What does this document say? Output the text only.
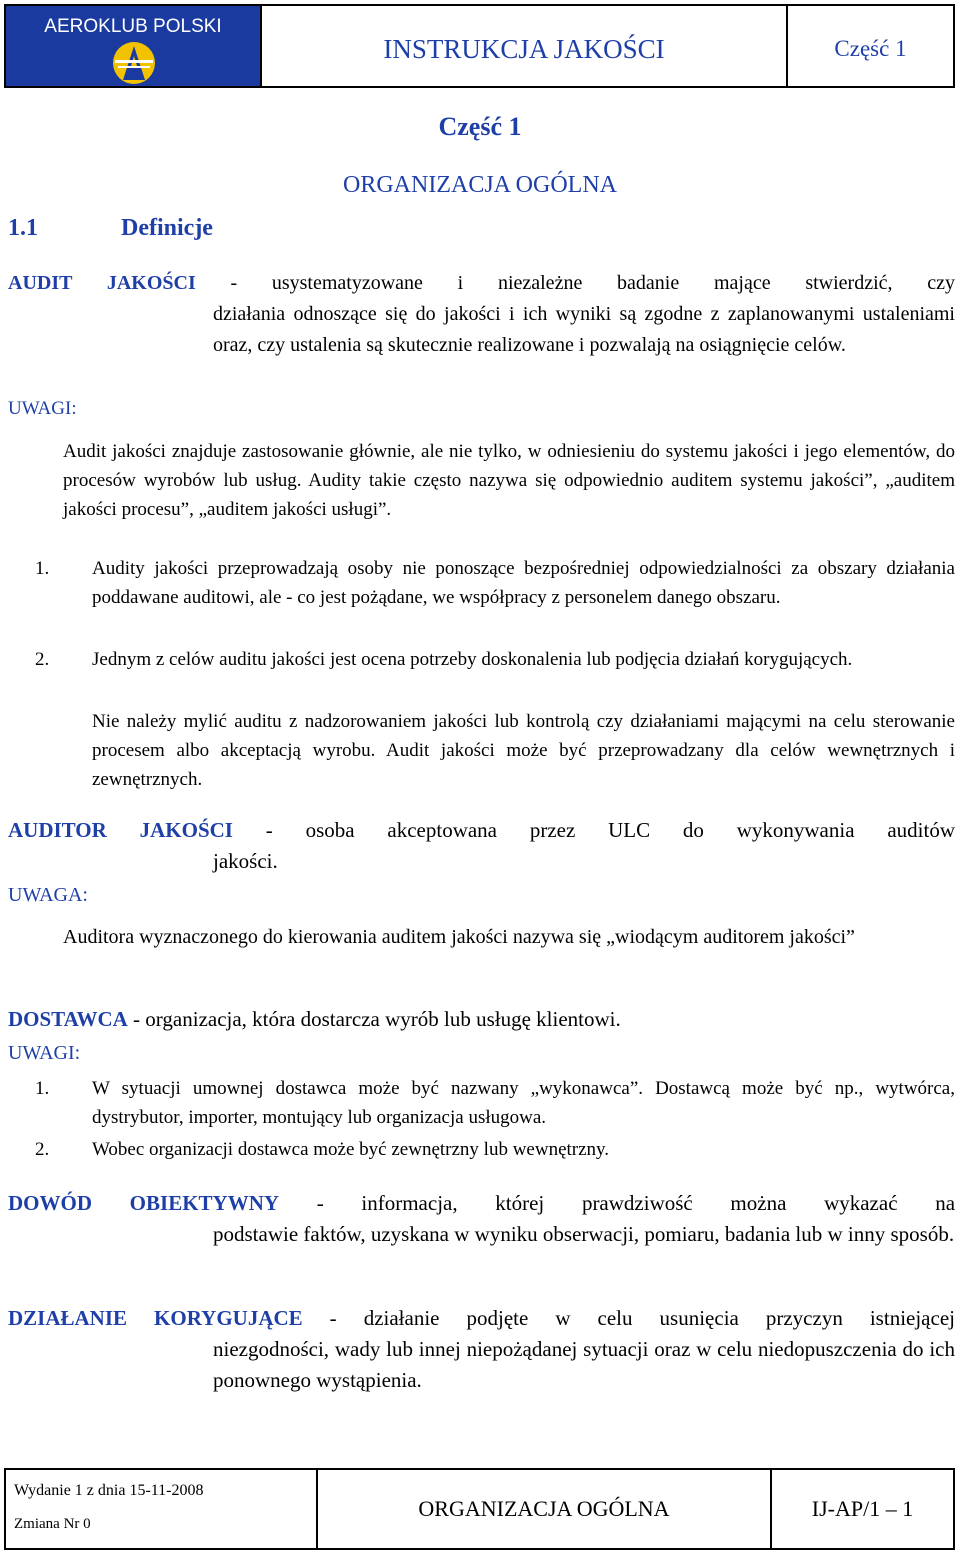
AEROKLUB POLSKI
INSTRUKCJA JAKOŚCI	Część 1
Część 1
ORGANIZACJA OGÓLNA
1.1	Definicje
AUDIT JAKOŚCI - usystematyzowane i niezależne badanie mające stwierdzić, czy
działania odnoszące się do jakości i ich wyniki są zgodne z zaplanowanymi ustaleniami oraz, czy ustalenia są skutecznie realizowane i pozwalają na osiągnięcie celów.
UWAGI:
Audit jakości znajduje zastosowanie głównie, ale nie tylko, w odniesieniu do systemu jakości i jego elementów, do procesów wyrobów lub usług. Audity takie często nazywa się odpowiednio auditem systemu jakości”, „auditem jakości procesu”, „auditem jakości usługi”.
1. Audity jakości przeprowadzają osoby nie ponoszące bezpośredniej odpowiedzialności za obszary działania poddawane auditowi, ale - co jest pożądane, we współpracy z personelem danego obszaru.
2. Jednym z celów auditu jakości jest ocena potrzeby doskonalenia lub podjęcia działań korygujących.
Nie należy mylić auditu z nadzorowaniem jakości lub kontrolą czy działaniami mającymi na celu sterowanie procesem albo akceptacją wyrobu. Audit jakości może być przeprowadzany dla celów wewnętrznych i zewnętrznych.
AUDITOR JAKOŚCI - osoba akceptowana przez ULC do wykonywania auditów
jakości.
UWAGA:
Auditora wyznaczonego do kierowania auditem jakości nazywa się „wiodącym auditorem jakości”
DOSTAWCA - organizacja, która dostarcza wyrób lub usługę klientowi.
UWAGI:
1. W sytuacji umownej dostawca może być nazwany „wykonawca”. Dostawcą może być np., wytwórca, dystrybutor, importer, montujący lub organizacja usługowa.
2. Wobec organizacji dostawca może być zewnętrzny lub wewnętrzny.
DOWÓD OBIEKTYWNY - informacja, której prawdziwość można wykazać na
podstawie faktów, uzyskana w wyniku obserwacji, pomiaru, badania lub w inny sposób.
DZIAŁANIE KORYGUJĄCE - działanie podjęte w celu usunięcia przyczyn istniejącej
niezgodności, wady lub innej niepożądanej sytuacji oraz w celu niedopuszczenia do ich ponownego wystąpienia.
Wydanie 1 z dnia 15-11-2008
Zmiana Nr 0
ORGANIZACJA OGÓLNA	IJ-AP/1 – 1
